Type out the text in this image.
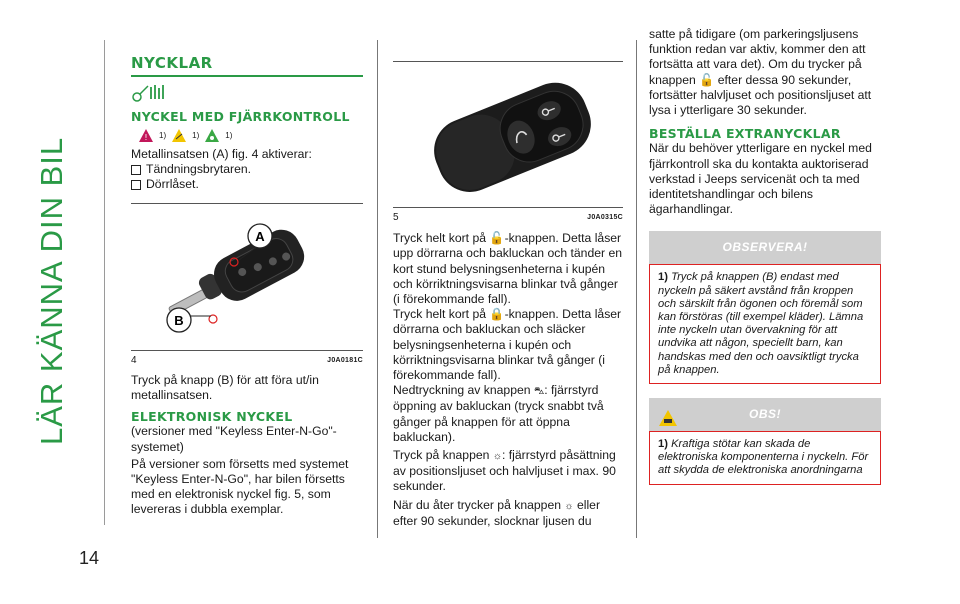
LÄR KÄNNA DIN BIL
14
NYCKLAR
NYCKEL MED FJÄRRKONTROLL
! 1)	1)	1)

Metallinsatsen (A) fig. 4 aktiverar:

Tändningsbrytaren.
Dörrlåset.
A
B
4	J0A0181C

Tryck på knapp (B) för att föra ut/in metallinsatsen.

ELEKTRONISK NYCKEL

(versioner med "Keyless Enter-N-Go"-systemet)

På versioner som försetts med systemet "Keyless Enter-N-Go", har bilen försetts med en elektronisk nyckel fig. 5, som levereras i dubbla exemplar.

5	J0A0315C

Tryck helt kort på 🔓-knappen. Detta låser upp dörrarna och bakluckan och tänder en kort stund belysningsenheterna i kupén och körriktningsvisarna blinkar två gånger (i förekommande fall).

Tryck helt kort på 🔒-knappen. Detta låser dörrarna och bakluckan och släcker belysningsenheterna i kupén och körriktningsvisarna blinkar två gånger (i förekommande fall).

Nedtryckning av knappen ⛍: fjärrstyrd öppning av bakluckan (tryck snabbt två gånger på knappen för att öppna bakluckan).

Tryck på knappen ☼: fjärrstyrd påsättning av positionsljuset och halvljuset i max. 90 sekunder.

När du åter trycker på knappen ☼ eller efter 90 sekunder, slocknar ljusen du

satte på tidigare (om parkeringsljusens funktion redan var aktiv, kommer den att fortsätta att vara det). Om du trycker på knappen 🔓 efter dessa 90 sekunder, fortsätter halvljuset och positionsljuset att lysa i ytterligare 30 sekunder.

BESTÄLLA EXTRANYCKLAR

När du behöver ytterligare en nyckel med fjärrkontroll ska du kontakta auktoriserad verkstad i Jeeps servicenät och ta med identitetshandlingar och bilens ägarhandlingar.

OBSERVERA!
1) Tryck på knappen (B) endast med nyckeln på säkert avstånd från kroppen och särskilt från ögonen och föremål som kan förstöras (till exempel kläder). Lämna inte nyckeln utan övervakning för att undvika att någon, speciellt barn, kan handskas med den och oavsiktligt trycka på knappen.
OBS!
1) Kraftiga stötar kan skada de elektroniska komponenterna i nyckeln. För att skydda de elektroniska anordningarna
